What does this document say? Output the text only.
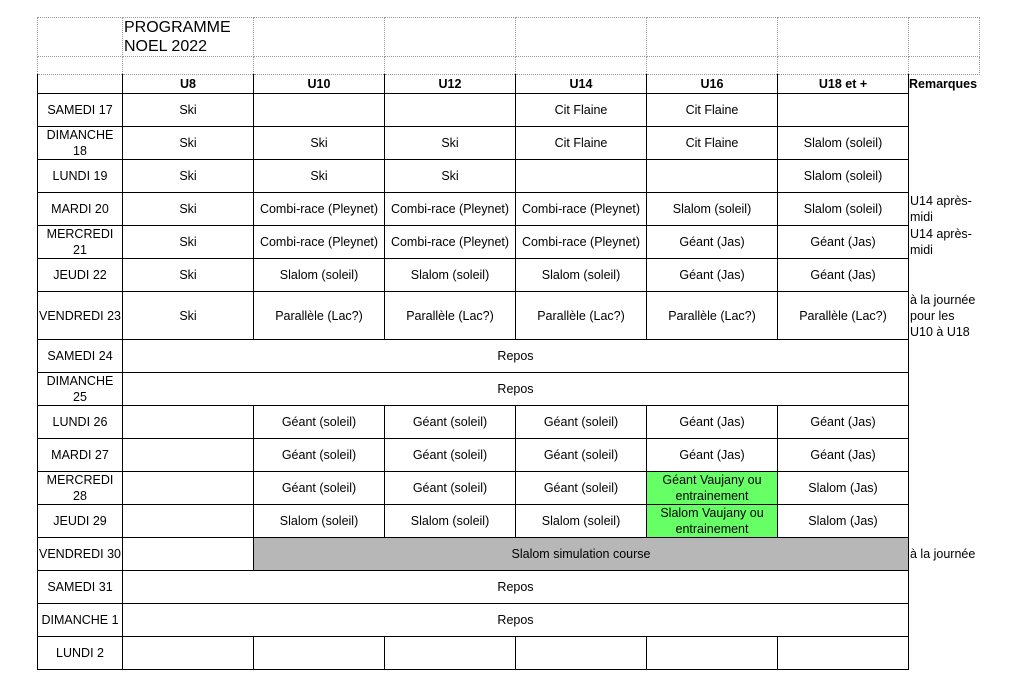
	PROGRAMME
NOEL 2022						

	U8	U10	U12	U14	U16	U18 et +	Remarques
SAMEDI 17	Ski			Cit Flaine	Cit Flaine		
DIMANCHE 18	Ski	Ski	Ski	Cit Flaine	Cit Flaine	Slalom (soleil)	
LUNDI 19	Ski	Ski	Ski			Slalom (soleil)	
MARDI 20	Ski	Combi-race (Pleynet)	Combi-race (Pleynet)	Combi-race (Pleynet)	Slalom (soleil)	Slalom (soleil)	U14 après-midi
MERCREDI 21	Ski	Combi-race (Pleynet)	Combi-race (Pleynet)	Combi-race (Pleynet)	Géant (Jas)	Géant (Jas)	U14 après-midi
JEUDI 22	Ski	Slalom (soleil)	Slalom (soleil)	Slalom (soleil)	Géant (Jas)	Géant (Jas)	
VENDREDI 23	Ski	Parallèle (Lac?)	Parallèle (Lac?)	Parallèle (Lac?)	Parallèle (Lac?)	Parallèle (Lac?)	à la journée pour les U10 à U18
SAMEDI 24	Repos						
DIMANCHE 25	Repos						
LUNDI 26		Géant (soleil)	Géant (soleil)	Géant (soleil)	Géant (Jas)	Géant (Jas)	
MARDI 27		Géant (soleil)	Géant (soleil)	Géant (soleil)	Géant (Jas)	Géant (Jas)	
MERCREDI 28		Géant (soleil)	Géant (soleil)	Géant (soleil)	Géant Vaujany ou entrainement	Slalom (Jas)	
JEUDI 29		Slalom (soleil)	Slalom (soleil)	Slalom (soleil)	Slalom Vaujany ou entrainement	Slalom (Jas)	
VENDREDI 30		Slalom simulation course					à la journée
SAMEDI 31	Repos						
DIMANCHE 1	Repos						
LUNDI 2							
